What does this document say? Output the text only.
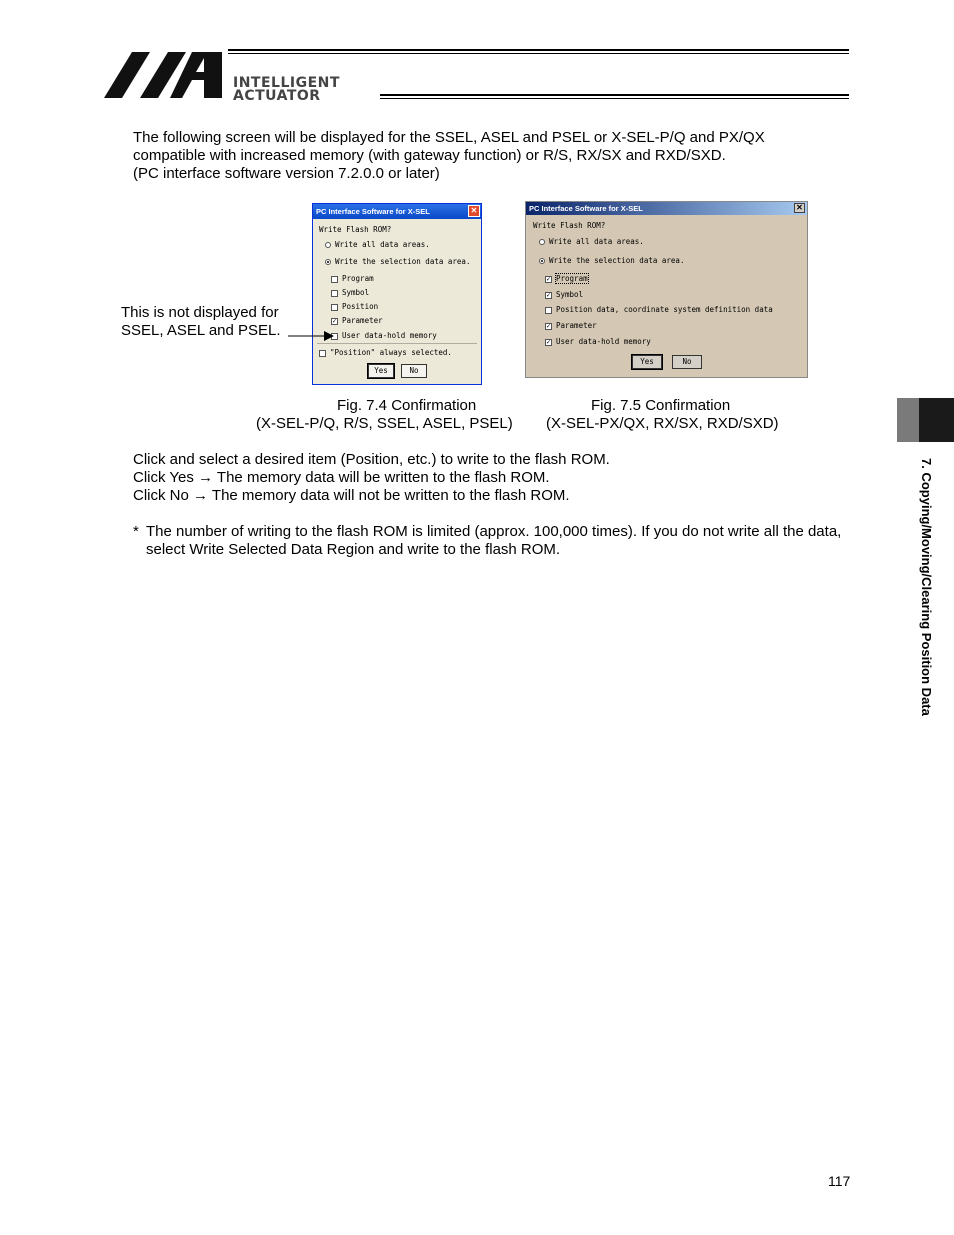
INTELLIGENT
ACTUATOR
The following screen will be displayed for the SSEL, ASEL and PSEL or X-SEL-P/Q and PX/QX
compatible with increased memory (with gateway function) or R/S, RX/SX and RXD/SXD.
(PC interface software version 7.2.0.0 or later)
PC Interface Software for X-SEL	✕
Write Flash ROM?
Write all data areas.
Write the selection data area.
Program
Symbol
Position
✓ Parameter
User data-hold memory
"Position" always selected.
Yes	No
PC Interface Software for X-SEL	✕
Write Flash ROM?
Write all data areas.
Write the selection data area.
✓ Program
✓ Symbol
Position data, coordinate system definition data
✓ Parameter
✓ User data-hold memory
Yes	No
This is not displayed for
SSEL, ASEL and PSEL.
Fig. 7.4 Confirmation
(X-SEL-P/Q, R/S, SSEL, ASEL, PSEL)
Fig. 7.5 Confirmation
(X-SEL-PX/QX, RX/SX, RXD/SXD)
Click and select a desired item (Position, etc.) to write to the flash ROM.
Click Yes → The memory data will be written to the flash ROM.
Click No → The memory data will not be written to the flash ROM.
* The number of writing to the flash ROM is limited (approx. 100,000 times). If you do not write all the data,
select Write Selected Data Region and write to the flash ROM.	7. Copying/Moving/Clearing Position Data
117
